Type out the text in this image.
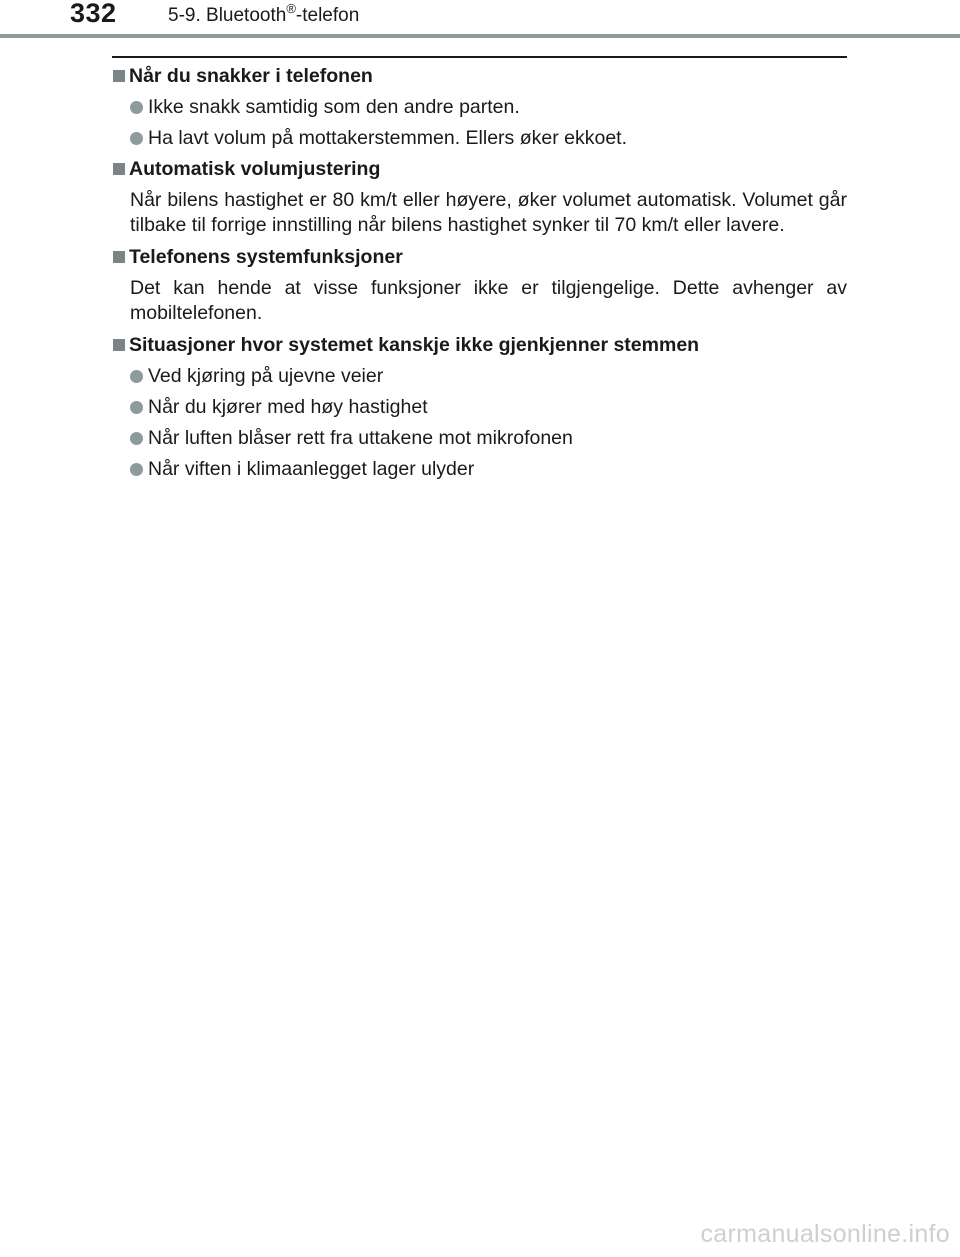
332	5-9. Bluetooth®-telefon
Når du snakker i telefonen
Ikke snakk samtidig som den andre parten.
Ha lavt volum på mottakerstemmen. Ellers øker ekkoet.
Automatisk volumjustering

Når bilens hastighet er 80 km/t eller høyere, øker volumet automatisk. Volumet går tilbake til forrige innstilling når bilens hastighet synker til 70 km/t eller lavere.

Telefonens systemfunksjoner

Det kan hende at visse funksjoner ikke er tilgjengelige. Dette avhenger av mobiltelefonen.

Situasjoner hvor systemet kanskje ikke gjenkjenner stemmen
Ved kjøring på ujevne veier
Når du kjører med høy hastighet
Når luften blåser rett fra uttakene mot mikrofonen
Når viften i klimaanlegget lager ulyder
carmanualsonline.info
